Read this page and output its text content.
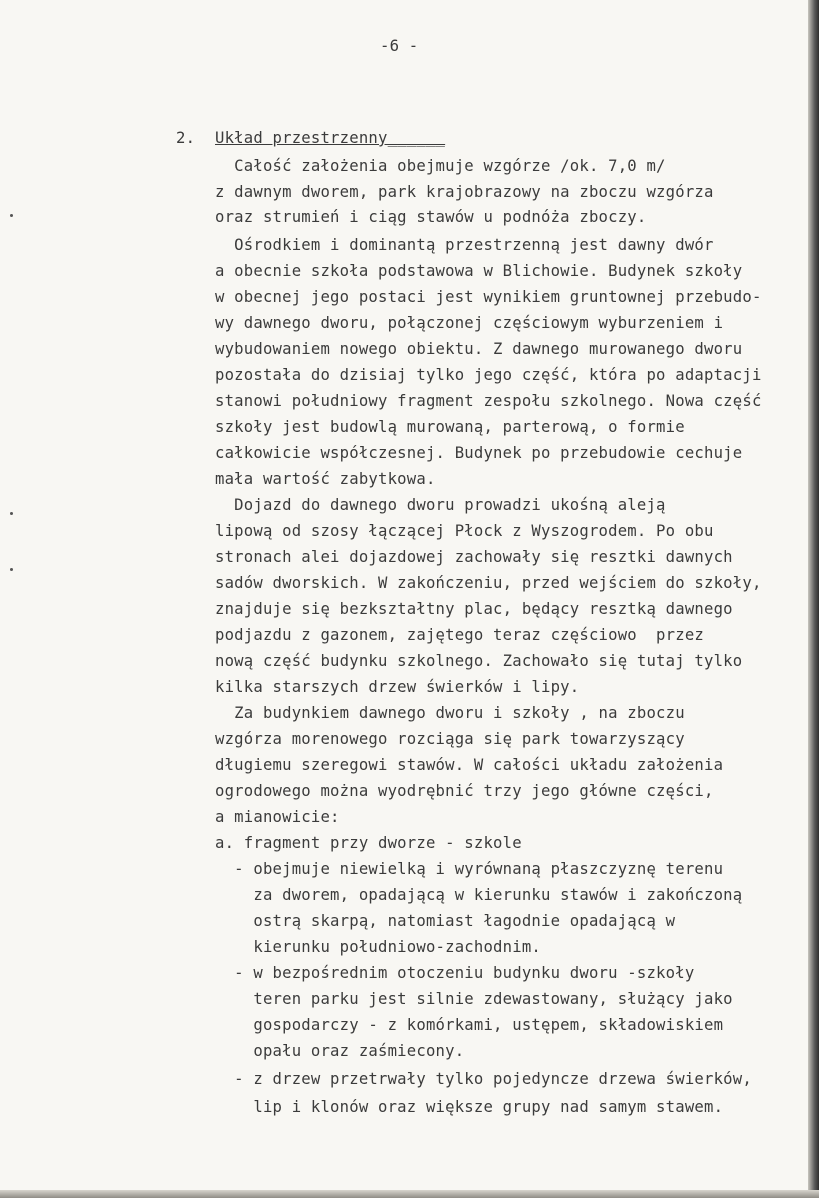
-6 -
2. Układ przestrzenny______
Całość założenia obejmuje wzgórze /ok. 7,0 m/
z dawnym dworem, park krajobrazowy na zboczu wzgórza
oraz strumień i ciąg stawów u podnóża zboczy.
Ośrodkiem i dominantą przestrzenną jest dawny dwór
a obecnie szkoła podstawowa w Blichowie. Budynek szkoły
w obecnej jego postaci jest wynikiem gruntownej przebudo-
wy dawnego dworu, połączonej częściowym wyburzeniem i
wybudowaniem nowego obiektu. Z dawnego murowanego dworu
pozostała do dzisiaj tylko jego część, która po adaptacji
stanowi południowy fragment zespołu szkolnego. Nowa część
szkoły jest budowlą murowaną, parterową, o formie
całkowicie współczesnej. Budynek po przebudowie cechuje
mała wartość zabytkowa.
Dojazd do dawnego dworu prowadzi ukośną aleją
lipową od szosy łączącej Płock z Wyszogrodem. Po obu
stronach alei dojazdowej zachowały się resztki dawnych
sadów dworskich. W zakończeniu, przed wejściem do szkoły,
znajduje się bezkształtny plac, będący resztką dawnego
podjazdu z gazonem, zajętego teraz częściowo  przez
nową część budynku szkolnego. Zachowało się tutaj tylko
kilka starszych drzew świerków i lipy.
Za budynkiem dawnego dworu i szkoły , na zboczu
wzgórza morenowego rozciąga się park towarzyszący
długiemu szeregowi stawów. W całości układu założenia
ogrodowego można wyodrębnić trzy jego główne części,
a mianowicie:
a. fragment przy dworze - szkole
- obejmuje niewielką i wyrównaną płaszczyznę terenu
za dworem, opadającą w kierunku stawów i zakończoną
ostrą skarpą, natomiast łagodnie opadającą w
kierunku południowo-zachodnim.
- w bezpośrednim otoczeniu budynku dworu -szkoły
teren parku jest silnie zdewastowany, służący jako
gospodarczy - z komórkami, ustępem, składowiskiem
opału oraz zaśmiecony.
- z drzew przetrwały tylko pojedyncze drzewa świerków,
lip i klonów oraz większe grupy nad samym stawem.
